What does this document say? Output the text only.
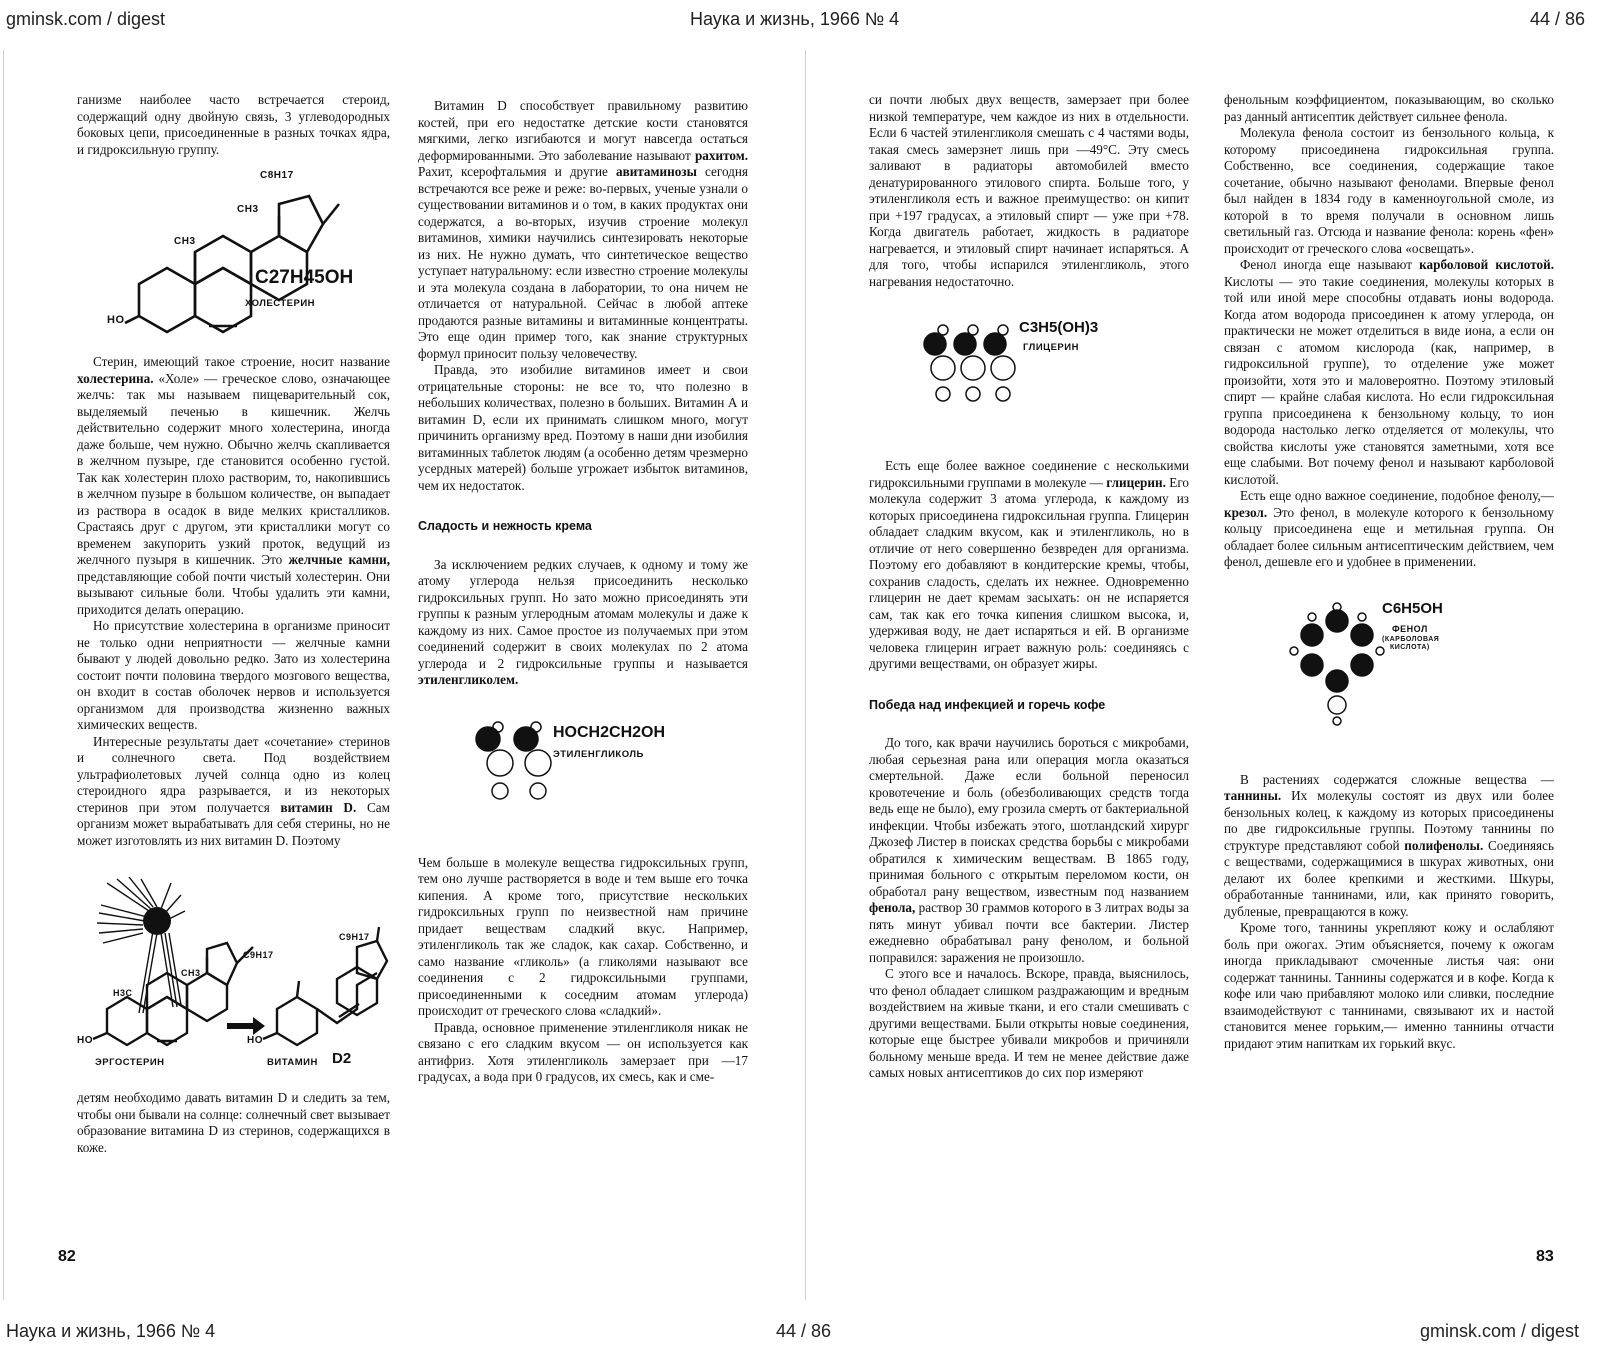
gminsk.com / digest	Наука и жизнь, 1966 № 4	44 / 86
Наука и жизнь, 1966 № 4	44 / 86	gminsk.com / digest

ганизме наиболее часто встречается стероид, содержащий одну двойную связь, 3 углеводородных боковых цепи, присоединенные в разных точках ядра, и гидроксильную группу.

HO
CH3
CH3
C8H17
C27H45OH
ХОЛЕСТЕРИН

Стерин, имеющий такое строение, носит название холестерина. «Холе» — греческое слово, означающее желчь: так мы называем пищеварительный сок, выделяемый печенью в кишечник. Желчь действительно содержит много холестерина, иногда даже больше, чем нужно. Обычно желчь скапливается в желчном пузыре, где становится особенно густой. Так как холестерин плохо растворим, то, накопившись в желчном пузыре в большом количестве, он выпадает из раствора в осадок в виде мелких кристалликов. Срастаясь друг с другом, эти кристаллики могут со временем закупорить узкий проток, ведущий из желчного пузыря в кишечник. Это желчные камни, представляющие собой почти чистый холестерин. Они вызывают сильные боли. Чтобы удалить эти камни, приходится делать операцию.

Но присутствие холестерина в организме приносит не только одни неприятности — желчные камни бывают у людей довольно редко. Зато из холестерина состоит почти половина твердого мозгового вещества, он входит в состав оболочек нервов и используется организмом для производства жизненно важных химических веществ.

Интересные результаты дает «сочетание» стеринов и солнечного света. Под воздействием ультрафиолетовых лучей солнца одно из колец стероидного ядра разрывается, и из некоторых стеринов при этом получается витамин D. Сам организм может вырабатывать для себя стерины, но не может изготовлять из них витамин D. Поэтому

HO	HO
H3C
CH3
C9H17
C9H17
ЭРГОСТЕРИН	ВИТАМИН D2

детям необходимо давать витамин D и следить за тем, чтобы они бывали на солнце: солнечный свет вызывает образование витамина D из стеринов, содержащихся в коже.

82

Витамин D способствует правильному развитию костей, при его недостатке детские кости становятся мягкими, легко изгибаются и могут навсегда остаться деформированными. Это заболевание называют рахитом. Рахит, ксерофтальмия и другие авитаминозы сегодня встречаются все реже и реже: во-первых, ученые узнали о существовании витаминов и о том, в каких продуктах они содержатся, а во-вторых, изучив строение молекул витаминов, химики научились синтезировать некоторые из них. Не нужно думать, что синтетическое вещество уступает натуральному: если известно строение молекулы и эта молекула создана в лаборатории, то она ничем не отличается от натуральной. Сейчас в любой аптеке продаются разные витамины и витаминные концентраты. Это еще один пример того, как знание структурных формул приносит пользу человечеству.

Правда, это изобилие витаминов имеет и свои отрицательные стороны: не все то, что полезно в небольших количествах, полезно в больших. Витамин А и витамин D, если их принимать слишком много, могут причинить организму вред. Поэтому в наши дни изобилия витаминных таблеток людям (а особенно детям чрезмерно усердных матерей) больше угрожает избыток витаминов, чем их недостаток.

Сладость и нежность крема

За исключением редких случаев, к одному и тому же атому углерода нельзя присоединить несколько гидроксильных групп. Но зато можно присоединять эти группы к разным углеродным атомам молекулы и даже к каждому из них. Самое простое из получаемых при этом соединений содержит в своих молекулах по 2 атома углерода и 2 гидроксильные группы и называется этиленгликолем.

HOCH2CH2OH
ЭТИЛЕНГЛИКОЛЬ

Чем больше в молекуле вещества гидроксильных групп, тем оно лучше растворяется в воде и тем выше его точка кипения. А кроме того, присутствие нескольких гидроксильных групп по неизвестной нам причине придает веществам сладкий вкус. Например, этиленгликоль так же сладок, как сахар. Собственно, и само название «гликоль» (а гликолями называют все соединения с 2 гидроксильными группами, присоединенными к соседним атомам углерода) происходит от греческого слова «сладкий».

Правда, основное применение этиленгликоля никак не связано с его сладким вкусом — он используется как антифриз. Хотя этиленгликоль замерзает при —17 градусах, а вода при 0 градусов, их смесь, как и сме-

си почти любых двух веществ, замерзает при более низкой температуре, чем каждое из них в отдельности. Если 6 частей этиленгликоля смешать с 4 частями воды, такая смесь замерзнет лишь при —49°С. Эту смесь заливают в радиаторы автомобилей вместо денатурированного этилового спирта. Больше того, у этиленгликоля есть и важное преимущество: он кипит при +197 градусах, а этиловый спирт — уже при +78. Когда двигатель работает, жидкость в радиаторе нагревается, и этиловый спирт начинает испаряться. А для того, чтобы испарился этиленгликоль, этого нагревания недостаточно.

C3H5(OH)3
ГЛИЦЕРИН

Есть еще более важное соединение с несколькими гидроксильными группами в молекуле — глицерин. Его молекула содержит 3 атома углерода, к каждому из которых присоединена гидроксильная группа. Глицерин обладает сладким вкусом, как и этиленгликоль, но в отличие от него совершенно безвреден для организма. Поэтому его добавляют в кондитерские кремы, чтобы, сохранив сладость, сделать их нежнее. Одновременно глицерин не дает кремам засыхать: он не испаряется сам, так как его точка кипения слишком высока, и, удерживая воду, не дает испаряться и ей. В организме человека глицерин играет важную роль: соединяясь с другими веществами, он образует жиры.

Победа над инфекцией и горечь кофе

До того, как врачи научились бороться с микробами, любая серьезная рана или операция могла оказаться смертельной. Даже если больной переносил кровотечение и боль (обезболивающих средств тогда ведь еще не было), ему грозила смерть от бактериальной инфекции. Чтобы избежать этого, шотландский хирург Джозеф Листер в поисках средства борьбы с микробами обратился к химическим веществам. В 1865 году, принимая больного с открытым переломом кости, он обработал рану веществом, известным под названием фенола, раствор 30 граммов которого в 3 литрах воды за пять минут убивал почти все бактерии. Листер ежедневно обрабатывал рану фенолом, и больной поправился: заражения не произошло.

С этого все и началось. Вскоре, правда, выяснилось, что фенол обладает слишком раздражающим и вредным воздействием на живые ткани, и его стали смешивать с другими веществами. Были открыты новые соединения, которые еще быстрее убивали микробов и причиняли больному меньше вреда. И тем не менее действие даже самых новых антисептиков до сих пор измеряют

фенольным коэффициентом, показывающим, во сколько раз данный антисептик действует сильнее фенола.

Молекула фенола состоит из бензольного кольца, к которому присоединена гидроксильная группа. Собственно, все соединения, содержащие такое сочетание, обычно называют фенолами. Впервые фенол был найден в 1834 году в каменноугольной смоле, из которой в то время получали в основном лишь светильный газ. Отсюда и название фенола: корень «фен» происходит от греческого слова «освещать».

Фенол иногда еще называют карболовой кислотой. Кислоты — это такие соединения, молекулы которых в той или иной мере способны отдавать ионы водорода. Когда атом водорода присоединен к атому углерода, он практически не может отделиться в виде иона, а если он связан с атомом кислорода (как, например, в гидроксильной группе), то отделение уже может произойти, хотя это и маловероятно. Поэтому этиловый спирт — крайне слабая кислота. Но если гидроксильная группа присоединена к бензольному кольцу, то ион водорода настолько легко отделяется от молекулы, что свойства кислоты уже становятся заметными, хотя все еще слабыми. Вот почему фенол и называют карболовой кислотой.

Есть еще одно важное соединение, подобное фенолу,— крезол. Это фенол, в молекуле которого к бензольному кольцу присоединена еще и метильная группа. Он обладает более сильным антисептическим действием, чем фенол, дешевле его и удобнее в применении.

C6H5OH
ФЕНОЛ
(КАРБОЛОВАЯ
КИСЛОТА)

В растениях содержатся сложные вещества — таннины. Их молекулы состоят из двух или более бензольных колец, к каждому из которых присоединены по две гидроксильные группы. Поэтому таннины по структуре представляют собой полифенолы. Соединяясь с веществами, содержащимися в шкурах животных, они делают их более крепкими и жесткими. Шкуры, обработанные таннинами, или, как принято говорить, дубленые, превращаются в кожу.

Кроме того, таннины укрепляют кожу и ослабляют боль при ожогах. Этим объясняется, почему к ожогам иногда прикладывают смоченные листья чая: они содержат таннины. Таннины содержатся и в кофе. Когда к кофе или чаю прибавляют молоко или сливки, последние взаимодействуют с таннинами, связывают их и настой становится менее горьким,— именно таннины отчасти придают этим напиткам их горький вкус.

83
